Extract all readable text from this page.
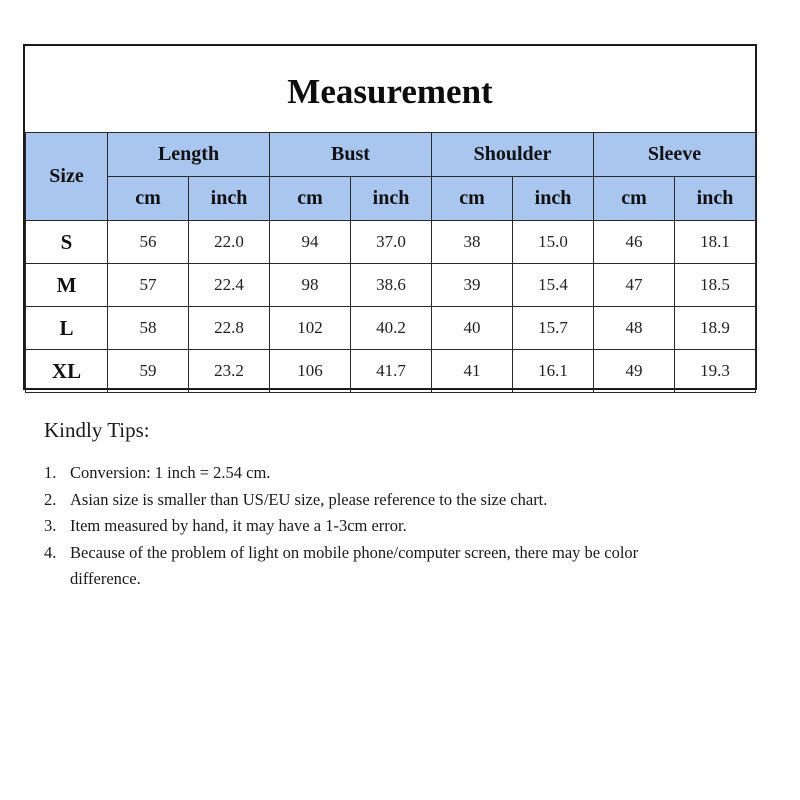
Measurement
Size	Length		Bust		Shoulder		Sleeve	
	cm	inch	cm	inch	cm	inch	cm	inch
S	56	22.0	94	37.0	38	15.0	46	18.1
M	57	22.4	98	38.6	39	15.4	47	18.5
L	58	22.8	102	40.2	40	15.7	48	18.9
XL	59	23.2	106	41.7	41	16.1	49	19.3
Kindly Tips:
1. Conversion: 1 inch = 2.54 cm.
2. Asian size is smaller than US/EU size, please reference to the size chart.
3. Item measured by hand, it may have a 1-3cm error.
4. Because of the problem of light on mobile phone/computer screen, there may be color difference.
